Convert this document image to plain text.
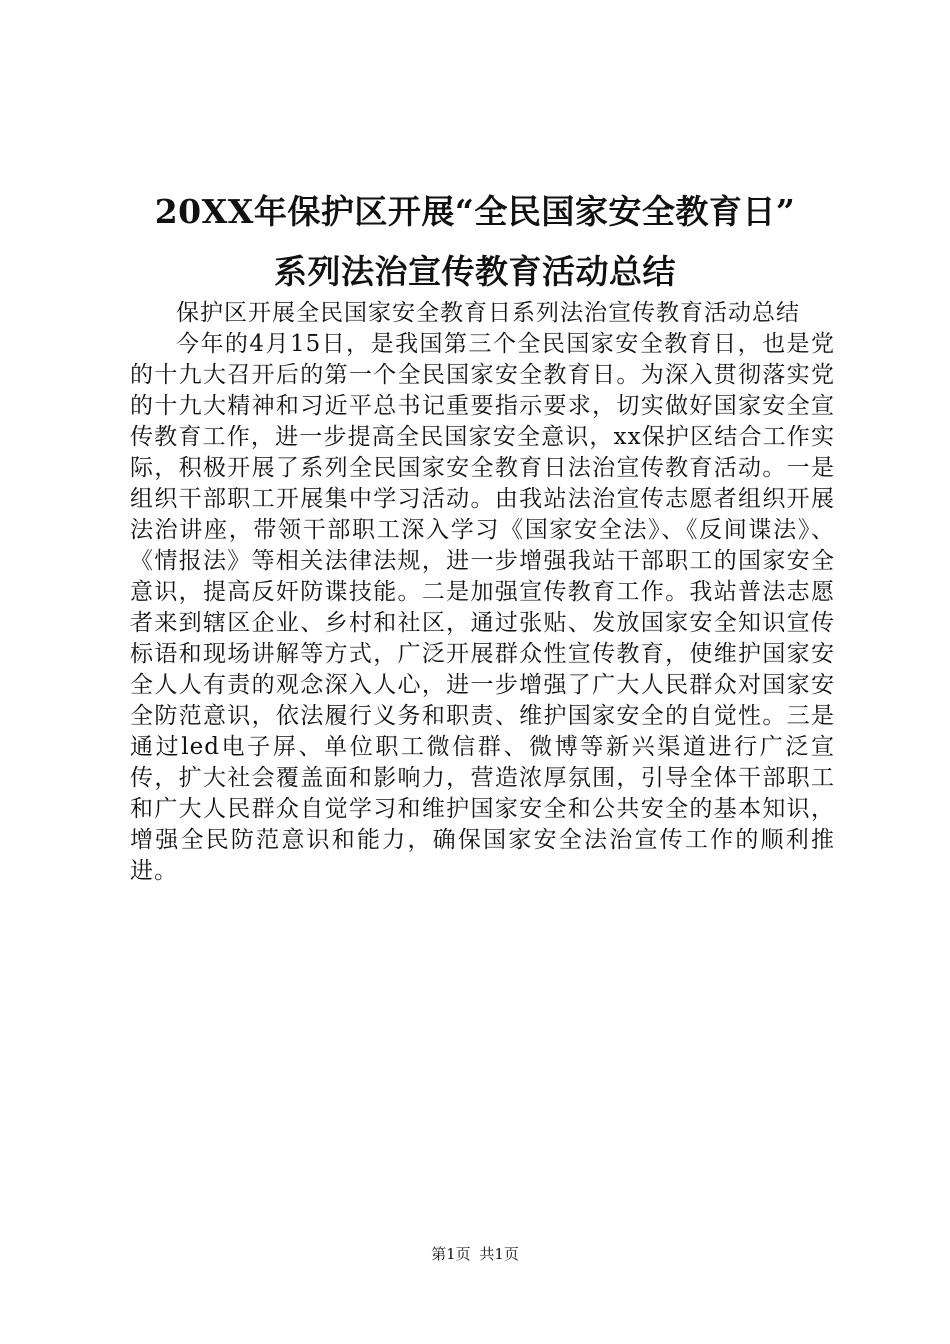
20XX年保护区开展“全民国家安全教育日”
系列法治宣传教育活动总结

保护区开展全民国家安全教育日系列法治宣传教育活动总结

今年的4月15日，是我国第三个全民国家安全教育日，也是党的十九大召开后的第一个全民国家安全教育日。为深入贯彻落实党的十九大精神和习近平总书记重要指示要求，切实做好国家安全宣传教育工作，进一步提高全民国家安全意识，xx保护区结合工作实际，积极开展了系列全民国家安全教育日法治宣传教育活动。一是组织干部职工开展集中学习活动。由我站法治宣传志愿者组织开展法治讲座，带领干部职工深入学习《国家安全法》、《反间谍法》、《情报法》等相关法律法规，进一步增强我站干部职工的国家安全意识，提高反奸防谍技能。二是加强宣传教育工作。我站普法志愿者来到辖区企业、乡村和社区，通过张贴、发放国家安全知识宣传标语和现场讲解等方式，广泛开展群众性宣传教育，使维护国家安全人人有责的观念深入人心，进一步增强了广大人民群众对国家安全防范意识，依法履行义务和职责、维护国家安全的自觉性。三是通过led电子屏、单位职工微信群、微博等新兴渠道进行广泛宣传，扩大社会覆盖面和影响力，营造浓厚氛围，引导全体干部职工和广大人民群众自觉学习和维护国家安全和公共安全的基本知识，增强全民防范意识和能力，确保国家安全法治宣传工作的顺利推进。

第1页 共1页
